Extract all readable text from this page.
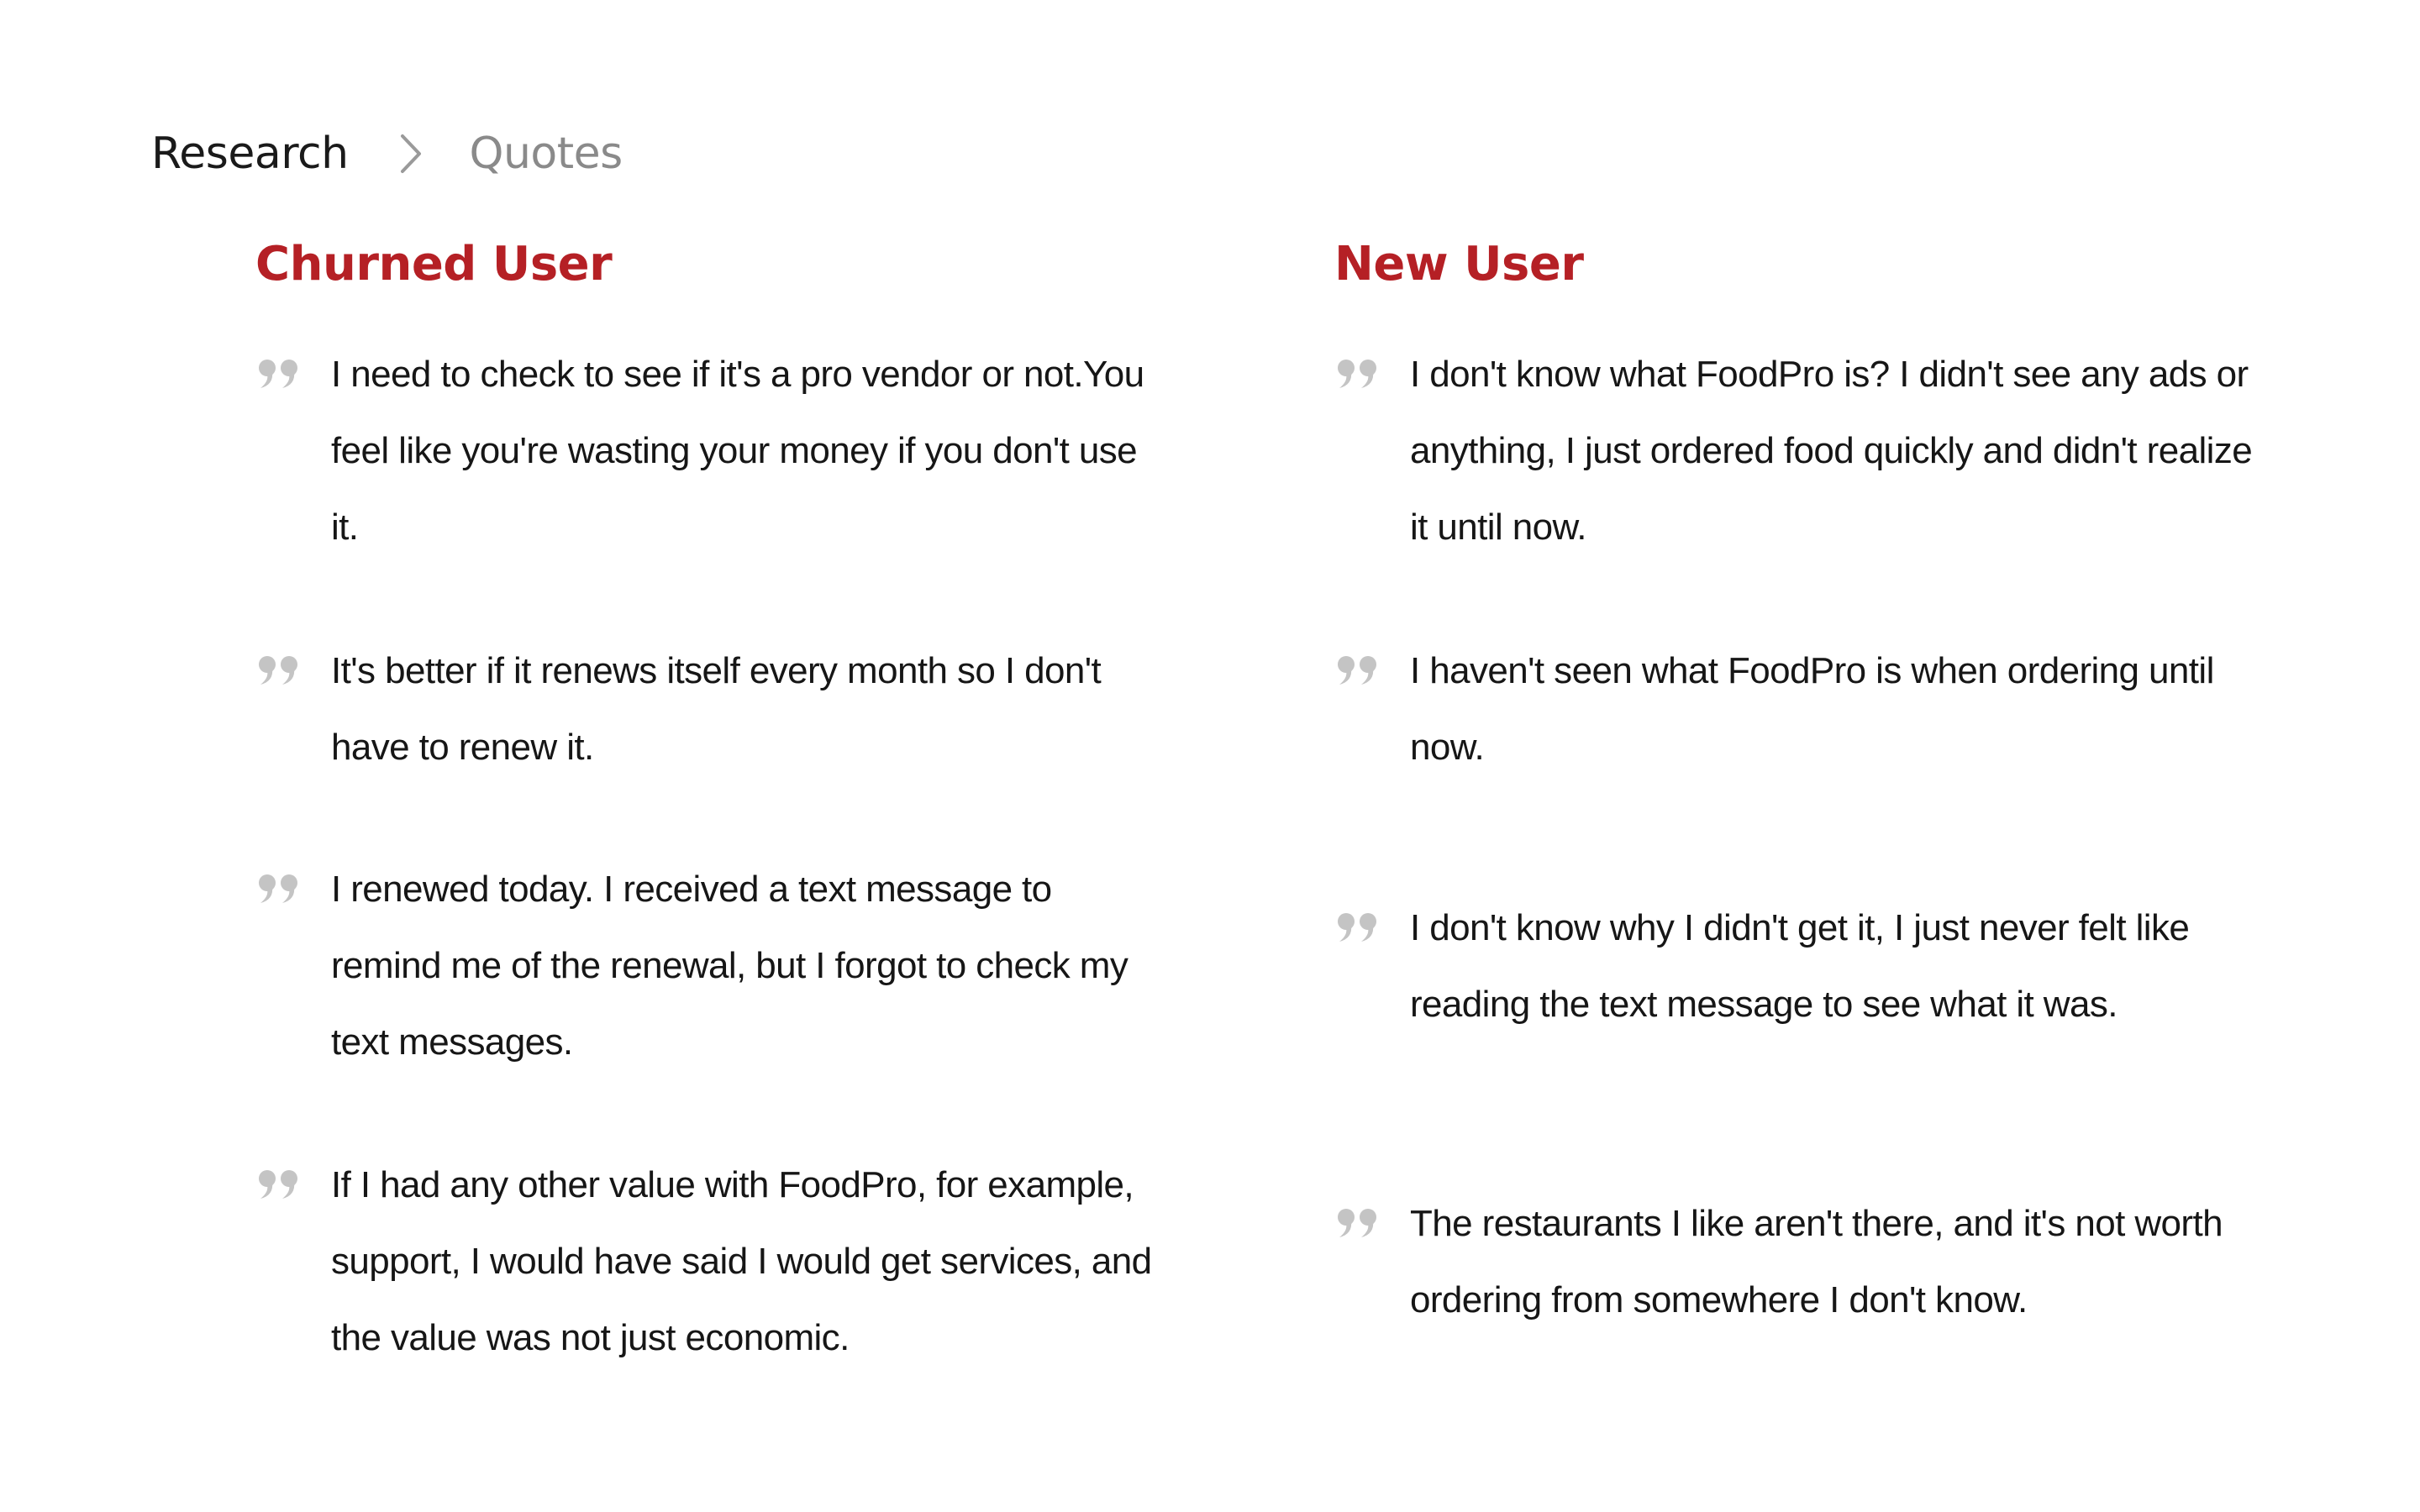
Research	Quotes
Churned User

I need to check to see if it's a pro vendor or not.You feel like you're wasting your money if you don't use it.

It's better if it renews itself every month so I don't have to renew it.

I renewed today. I received a text message to remind me of the renewal, but I forgot to check my text messages.

If I had any other value with FoodPro, for example, support, I would have said I would get services, and the value was not just economic.

New User

I don't know what FoodPro is? I didn't see any ads or anything, I just ordered food quickly and didn't realize it until now.

I haven't seen what FoodPro is when ordering until now.

I don't know why I didn't get it, I just never felt like reading the text message to see what it was.

The restaurants I like aren't there, and it's not worth ordering from somewhere I don't know.
